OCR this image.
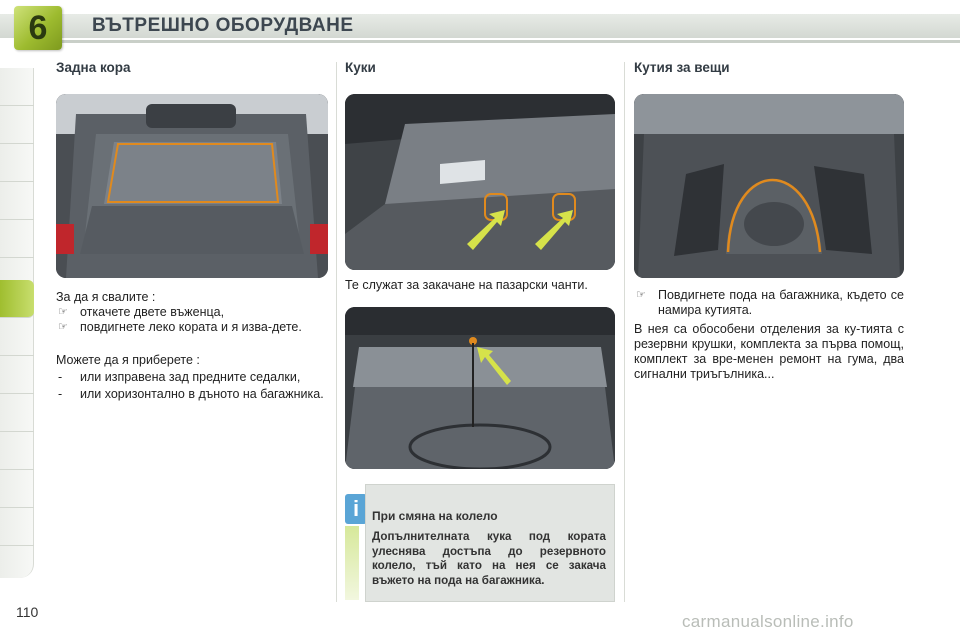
6 ВЪТРЕШНО ОБОРУДВАНЕ
Задна кора

За да я свалите :

☞ откачете двете въженца,
☞ повдигнете леко кората и я изва-дете.

Можете да я приберете :

- или изправена зад предните седалки,
- или хоризонтално в дъното на багажника.
Куки
Те служат за закачане на пазарски чанти.
Кутия за вещи
☞ Повдигнете пода на багажника, където се намира кутията.

В нея са обособени отделения за ку-тията с резервни крушки, комплекта за първа помощ, комплект за вре-менен ремонт на гума, два сигнални триъгълника...

i	При смяна на колело
Допълнителната кука под кората улеснява достъпа до резервното колело, тъй като на нея се закача въжето на пода на багажника.
110	carmanualsonline.info
